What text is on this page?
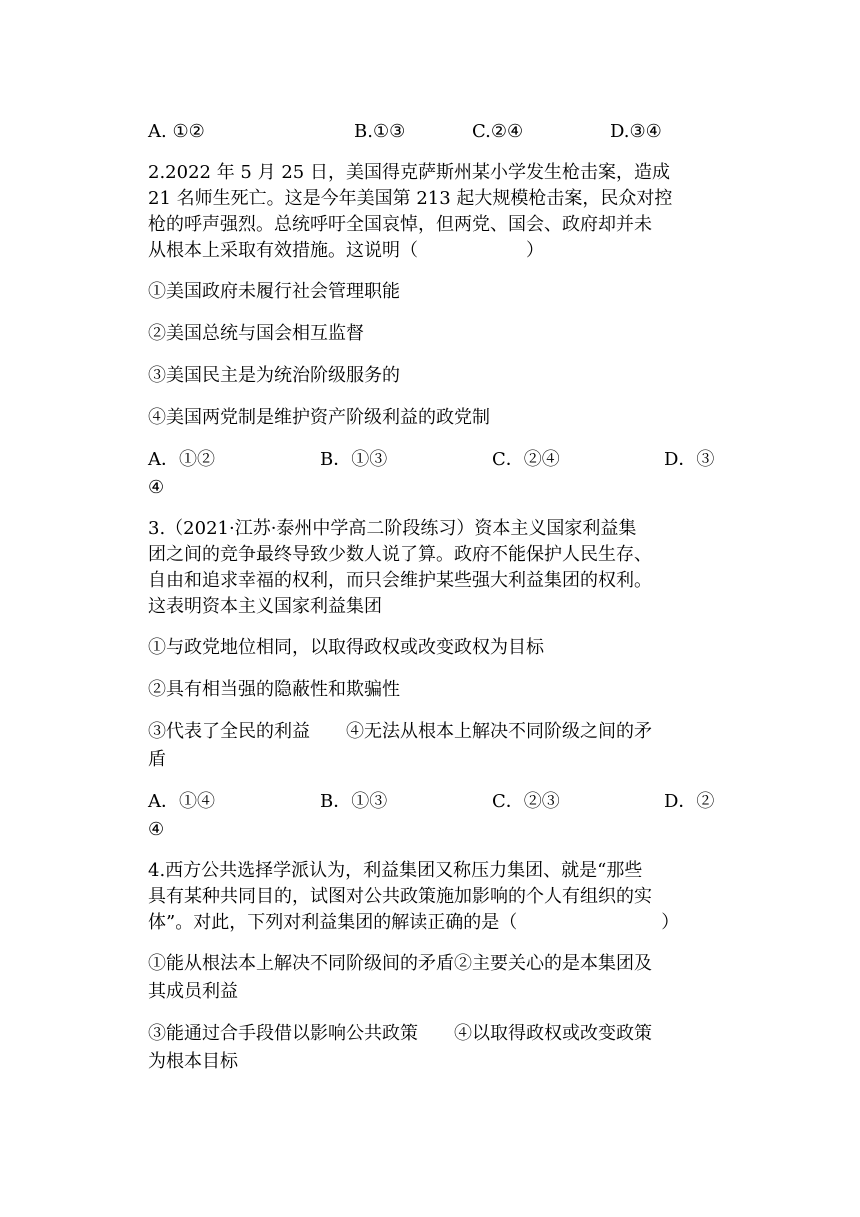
A. ①②	B.①③	C.②④	D.③④
2.2022 年 5 月 25 日，美国得克萨斯州某小学发生枪击案，造成
21 名师生死亡。这是今年美国第 213 起大规模枪击案，民众对控
枪的呼声强烈。总统呼吁全国哀悼，但两党、国会、政府却并未
从根本上采取有效措施。这说明（　　　　　　）
①美国政府未履行社会管理职能
②美国总统与国会相互监督
③美国民主是为统治阶级服务的
④美国两党制是维护资产阶级利益的政党制
A．①②	B．①③	C．②④	D．③
④
3.（2021·江苏·泰州中学高二阶段练习）资本主义国家利益集
团之间的竞争最终导致少数人说了算。政府不能保护人民生存、
自由和追求幸福的权利，而只会维护某些强大利益集团的权利。
这表明资本主义国家利益集团
①与政党地位相同，以取得政权或改变政权为目标
②具有相当强的隐蔽性和欺骗性
③代表了全民的利益　　④无法从根本上解决不同阶级之间的矛
盾
A．①④	B．①③	C．②③	D．②
④
4.西方公共选择学派认为，利益集团又称压力集团、就是“那些
具有某种共同目的，试图对公共政策施加影响的个人有组织的实
体”。对此，下列对利益集团的解读正确的是（　　　　　　　　）
①能从根法本上解决不同阶级间的矛盾②主要关心的是本集团及
其成员利益
③能通过合手段借以影响公共政策　　④以取得政权或改变政策
为根本目标
